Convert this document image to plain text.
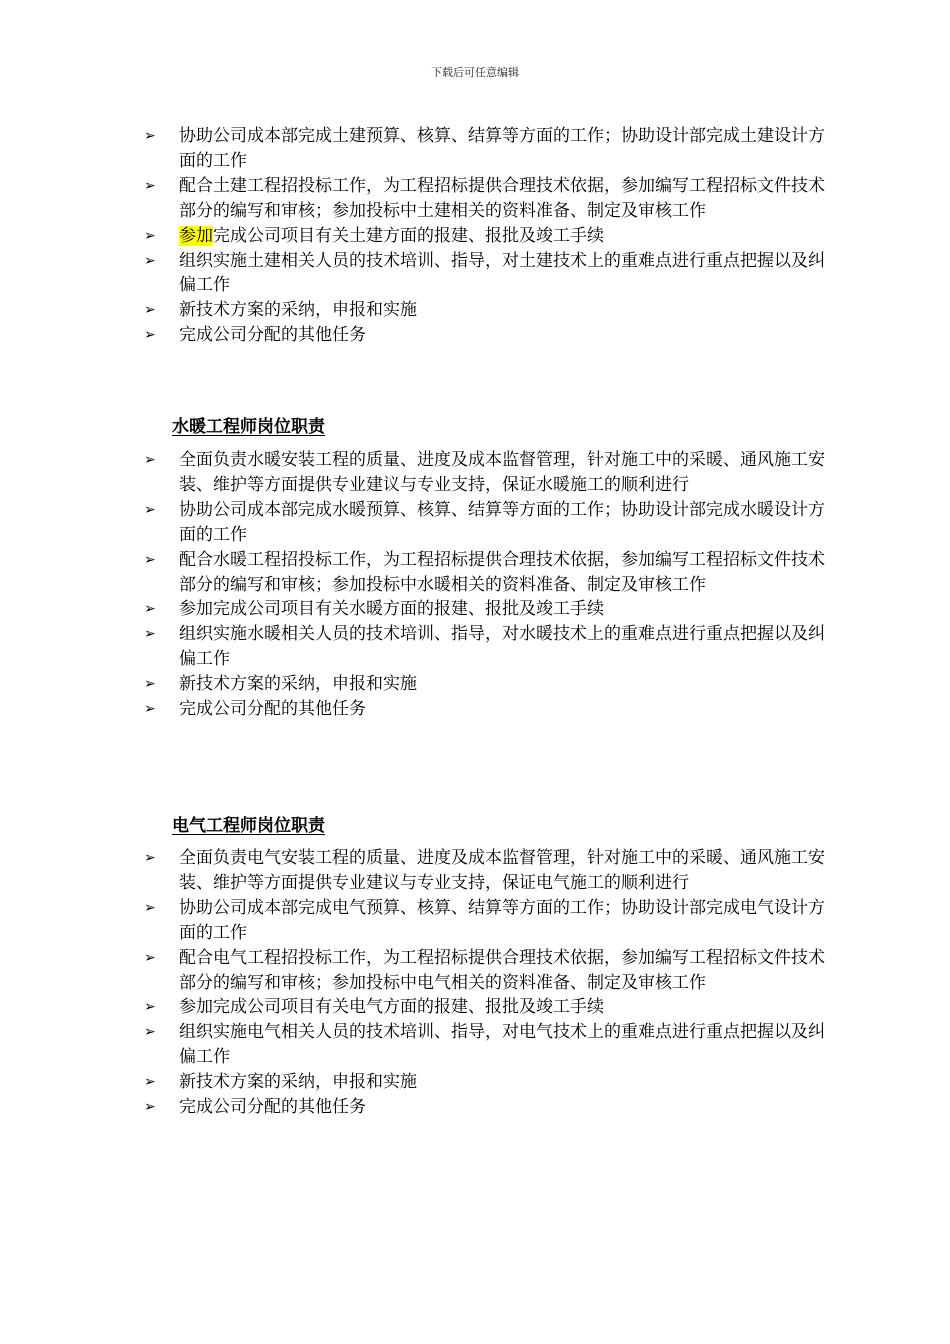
下载后可任意编辑
➢ 协助公司成本部完成土建预算、核算、结算等方面的工作；协助设计部完成土建设计方面的工作
➢ 配合土建工程招投标工作，为工程招标提供合理技术依据，参加编写工程招标文件技术部分的编写和审核；参加投标中土建相关的资料准备、制定及审核工作
➢ 参加完成公司项目有关土建方面的报建、报批及竣工手续
➢ 组织实施土建相关人员的技术培训、指导，对土建技术上的重难点进行重点把握以及纠偏工作
➢ 新技术方案的采纳，申报和实施
➢ 完成公司分配的其他任务
水暖工程师岗位职责
➢ 全面负责水暖安装工程的质量、进度及成本监督管理，针对施工中的采暖、通风施工安装、维护等方面提供专业建议与专业支持，保证水暖施工的顺利进行
➢ 协助公司成本部完成水暖预算、核算、结算等方面的工作；协助设计部完成水暖设计方面的工作
➢ 配合水暖工程招投标工作，为工程招标提供合理技术依据，参加编写工程招标文件技术部分的编写和审核；参加投标中水暖相关的资料准备、制定及审核工作
➢ 参加完成公司项目有关水暖方面的报建、报批及竣工手续
➢ 组织实施水暖相关人员的技术培训、指导，对水暖技术上的重难点进行重点把握以及纠偏工作
➢ 新技术方案的采纳，申报和实施
➢ 完成公司分配的其他任务
电气工程师岗位职责
➢ 全面负责电气安装工程的质量、进度及成本监督管理，针对施工中的采暖、通风施工安装、维护等方面提供专业建议与专业支持，保证电气施工的顺利进行
➢ 协助公司成本部完成电气预算、核算、结算等方面的工作；协助设计部完成电气设计方面的工作
➢ 配合电气工程招投标工作，为工程招标提供合理技术依据，参加编写工程招标文件技术部分的编写和审核；参加投标中电气相关的资料准备、制定及审核工作
➢ 参加完成公司项目有关电气方面的报建、报批及竣工手续
➢ 组织实施电气相关人员的技术培训、指导，对电气技术上的重难点进行重点把握以及纠偏工作
➢ 新技术方案的采纳，申报和实施
➢ 完成公司分配的其他任务
